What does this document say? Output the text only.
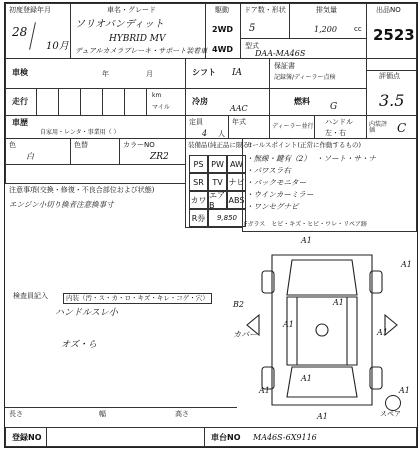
初度登録年月
28
10月
車名・グレード
ソリオバンディット
HYBRID MV
デュアルカメラブレーキ・サポート装着車
駆動
2WD
4WD
ドア数・形状
5
排気量
1,200 cc
型式
DAA-MA46S
出品NO
2523
車検	年	月	シフト IA
保証書
記録簿/ディーラー点検	評価点
3.5
走行
km
マイル
冷房
AAC
燃料
G
車歴
自家用・レンタ・事業用（ ）
定員
4 人
年式
ディーラー並行
ハンドル
左・右
内装評価	C
色
白
色替	カラーNO
ZR2
装備品(純正品に限る)
PS PW AW
SR	TV ナビ
カワ エアB
ABS
R券	9,850
セールスポイント(正常に作動するもの)
・無線・鍵有（2）
・パワスラ右
・バックモニター
・ソート・サ・ナ
・ウインカーミラー
・ワンセグナビ
Fガラス　ヒビ・キズ・ヒビ・ワレ・リペア跡
注意事項(交換・修復・不良合部位および状態)
エンジン小切り換者注意換事寸
検査員記入	内装（汚・ス・カ・ロ・キズ・キレ・コゲ・穴）
ハンドルスレ小
オズ・ら
A1
A1
B2	A1
A1
カバー	A1
A1
A1	A1
A1	スペア
長さ	幅	高さ
登録NO	車台NO MA46S-6X9116
